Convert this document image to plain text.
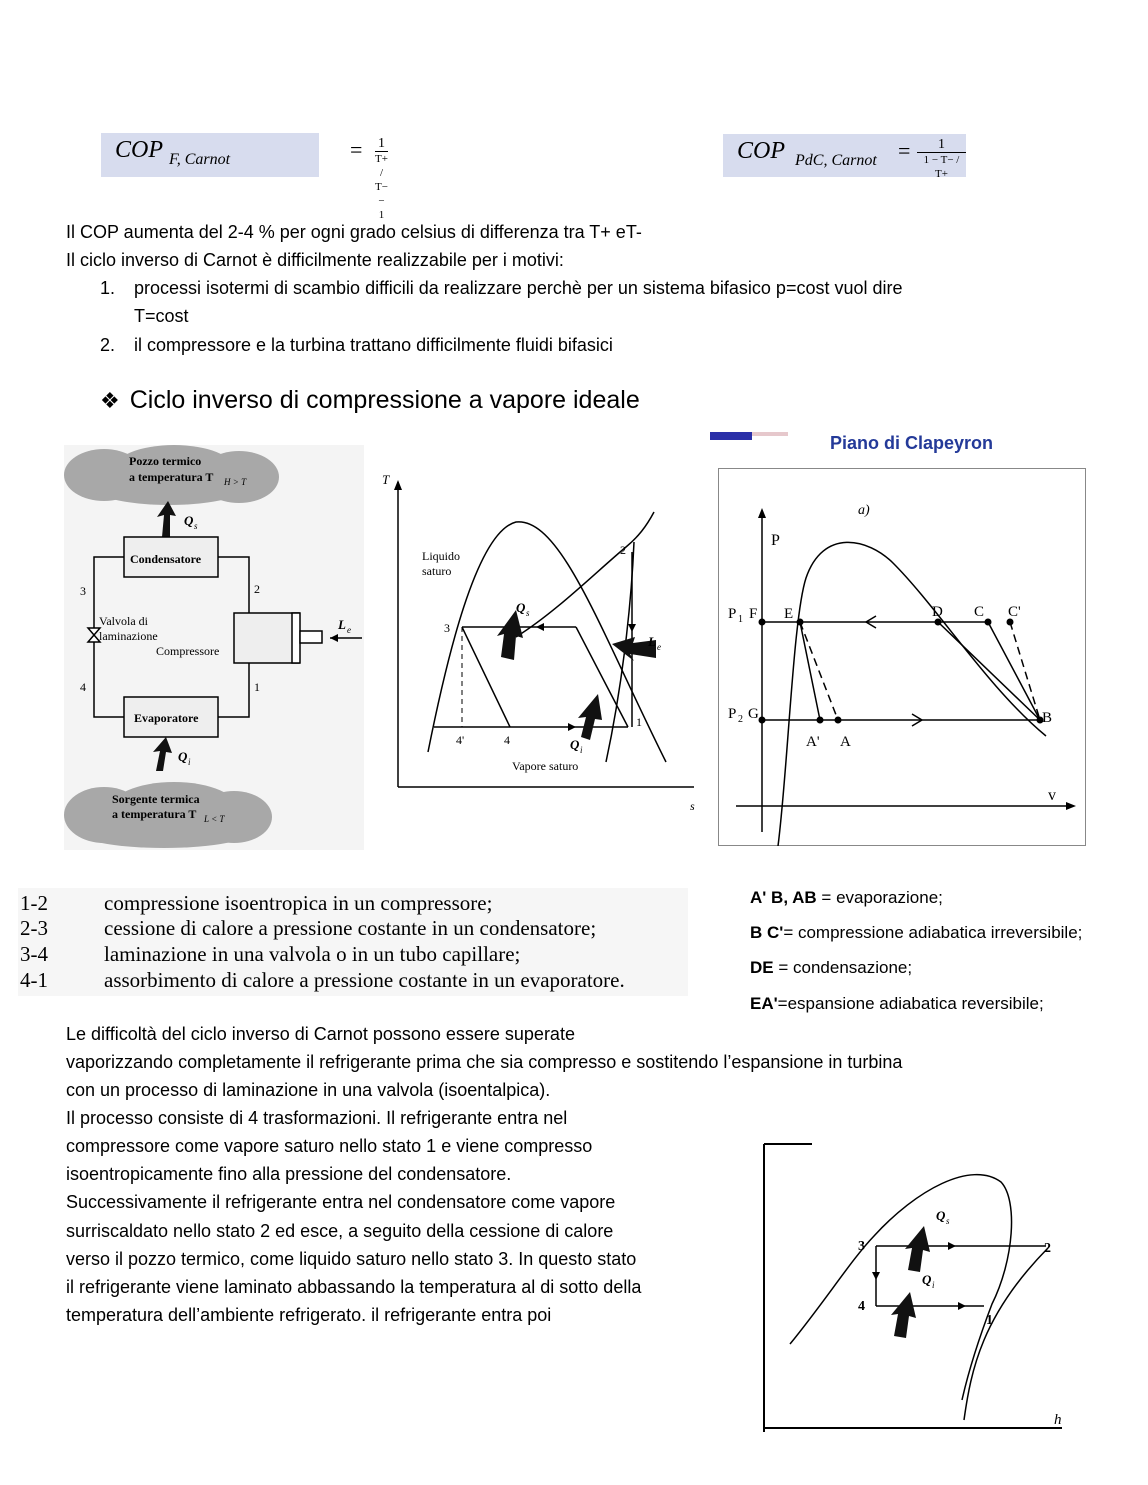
COP F, Carnot	= 1
T+ / T− − 1
COP PdC, Carnot =	1
1 − T− / T+
Il COP aumenta del 2-4 % per ogni grado celsius di differenza tra T+ eT-
Il ciclo inverso di Carnot è difficilmente realizzabile per i motivi:
1. processi isotermi di scambio difficili da realizzare perchè per un sistema bifasico p=cost vuol dire
T=cost
2. il compressore e la turbina trattano difficilmente fluidi bifasici
❖ Ciclo inverso di compressione a vapore ideale
Pozzo termico
a temperatura T H > T
Q s
Condensatore
3
4
2
1
Valvola di
laminazione
Compressore
L e
Evaporatore
Q i
Sorgente termica
a temperatura T L < T
T
s
Liquido
saturo
Vapore saturo
Q s
L e
Q i
1
2
3
4
4'
Piano di Clapeyron
P
v
a)
P 1 F E	D C C'
P 2 G
A' A
B
1-2	compressione isoentropica in un compressore;
2-3	cessione di calore a pressione costante in un condensatore;
3-4	laminazione in una valvola o in un tubo capillare;
4-1	assorbimento di calore a pressione costante in un evaporatore.
A' B, AB = evaporazione;
B C'= compressione adiabatica irreversibile;
DE = condensazione;
EA'=espansione adiabatica reversibile;
Le difficoltà del ciclo inverso di Carnot possono essere superate
vaporizzando completamente il refrigerante prima che sia compresso e sostitendo l’espansione in turbina
con un processo di laminazione in una valvola (isoentalpica).
Il processo consiste di 4 trasformazioni. Il refrigerante entra nel
compressore come vapore saturo nello stato 1 e viene compresso
isoentropicamente fino alla pressione del condensatore.
Successivamente il refrigerante entra nel condensatore come vapore
surriscaldato nello stato 2 ed esce, a seguito della cessione di calore
verso il pozzo termico, come liquido saturo nello stato 3. In questo stato
il refrigerante viene laminato abbassando la temperatura al di sotto della
temperatura dell’ambiente refrigerato. il refrigerante entra poi
h
Q s
Q i
3
4
2
1
